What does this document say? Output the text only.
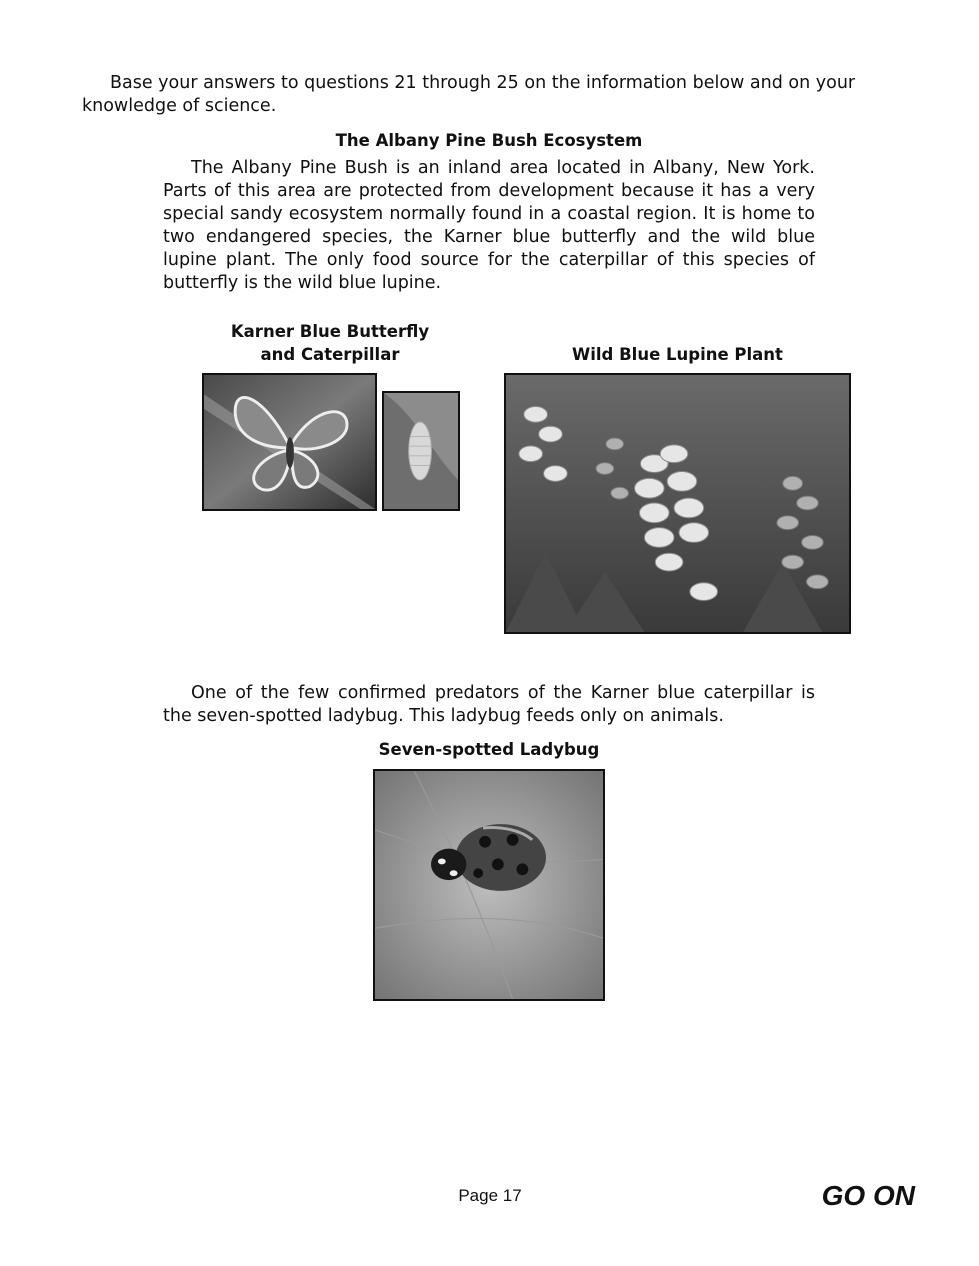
Base your answers to questions 21 through 25 on the information below and on your knowledge of science.

The Albany Pine Bush Ecosystem

The Albany Pine Bush is an inland area located in Albany, New York. Parts of this area are protected from development because it has a very special sandy ecosystem normally found in a coastal region. It is home to two endangered species, the Karner blue butterfly and the wild blue lupine plant. The only food source for the caterpillar of this species of butterfly is the wild blue lupine.

Karner Blue Butterfly
and Caterpillar	Wild Blue Lupine Plant

One of the few confirmed predators of the Karner blue caterpillar is the seven-spotted ladybug. This ladybug feeds only on animals.

Seven-spotted Ladybug
Page 17	GO ON
